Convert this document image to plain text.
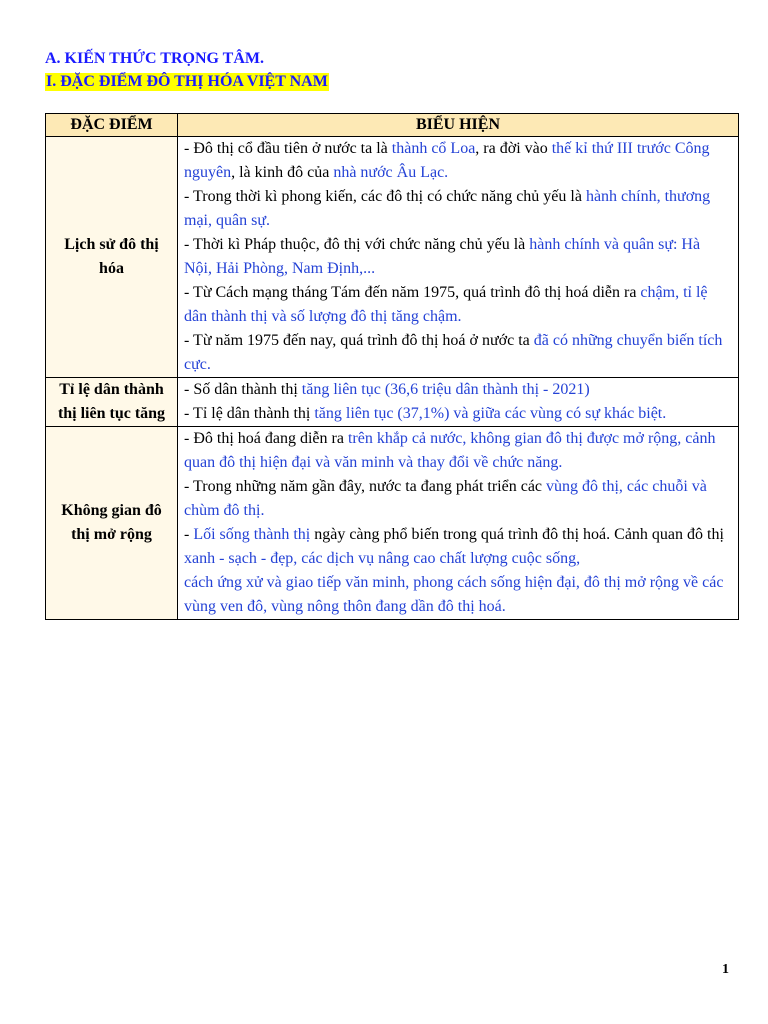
A. KIẾN THỨC TRỌNG TÂM.
I. ĐẶC ĐIỂM ĐÔ THỊ HÓA VIỆT NAM
ĐẶC ĐIỂM	BIỂU HIỆN
Lịch sử đô thị hóa	- Đô thị cổ đầu tiên ở nước ta là thành cổ Loa, ra đời vào thế kỉ thứ III trước Công nguyên, là kinh đô của nhà nước Âu Lạc.

- Trong thời kì phong kiến, các đô thị có chức năng chủ yếu là hành chính, thương mại, quân sự.

- Thời kì Pháp thuộc, đô thị với chức năng chủ yếu là hành chính và quân sự: Hà Nội, Hải Phòng, Nam Định,...

- Từ Cách mạng tháng Tám đến năm 1975, quá trình đô thị hoá diễn ra chậm, tỉ lệ dân thành thị và số lượng đô thị tăng chậm.

- Từ năm 1975 đến nay, quá trình đô thị hoá ở nước ta đã có những chuyển biến tích cực.

Tỉ lệ dân thành thị liên tục tăng	- Số dân thành thị tăng liên tục (36,6 triệu dân thành thị - 2021)

- Tỉ lệ dân thành thị tăng liên tục (37,1%) và giữa các vùng có sự khác biệt.

Không gian đô thị mở rộng	- Đô thị hoá đang diễn ra trên khắp cả nước, không gian đô thị được mở rộng, cảnh quan đô thị hiện đại và văn minh và thay đổi về chức năng.

- Trong những năm gần đây, nước ta đang phát triển các vùng đô thị, các chuỗi và chùm đô thị.

- Lối sống thành thị ngày càng phổ biến trong quá trình đô thị hoá. Cảnh quan đô thị xanh - sạch - đẹp, các dịch vụ nâng cao chất lượng cuộc sống,

cách ứng xử và giao tiếp văn minh, phong cách sống hiện đại, đô thị mở rộng về các vùng ven đô, vùng nông thôn đang dần đô thị hoá.

1
